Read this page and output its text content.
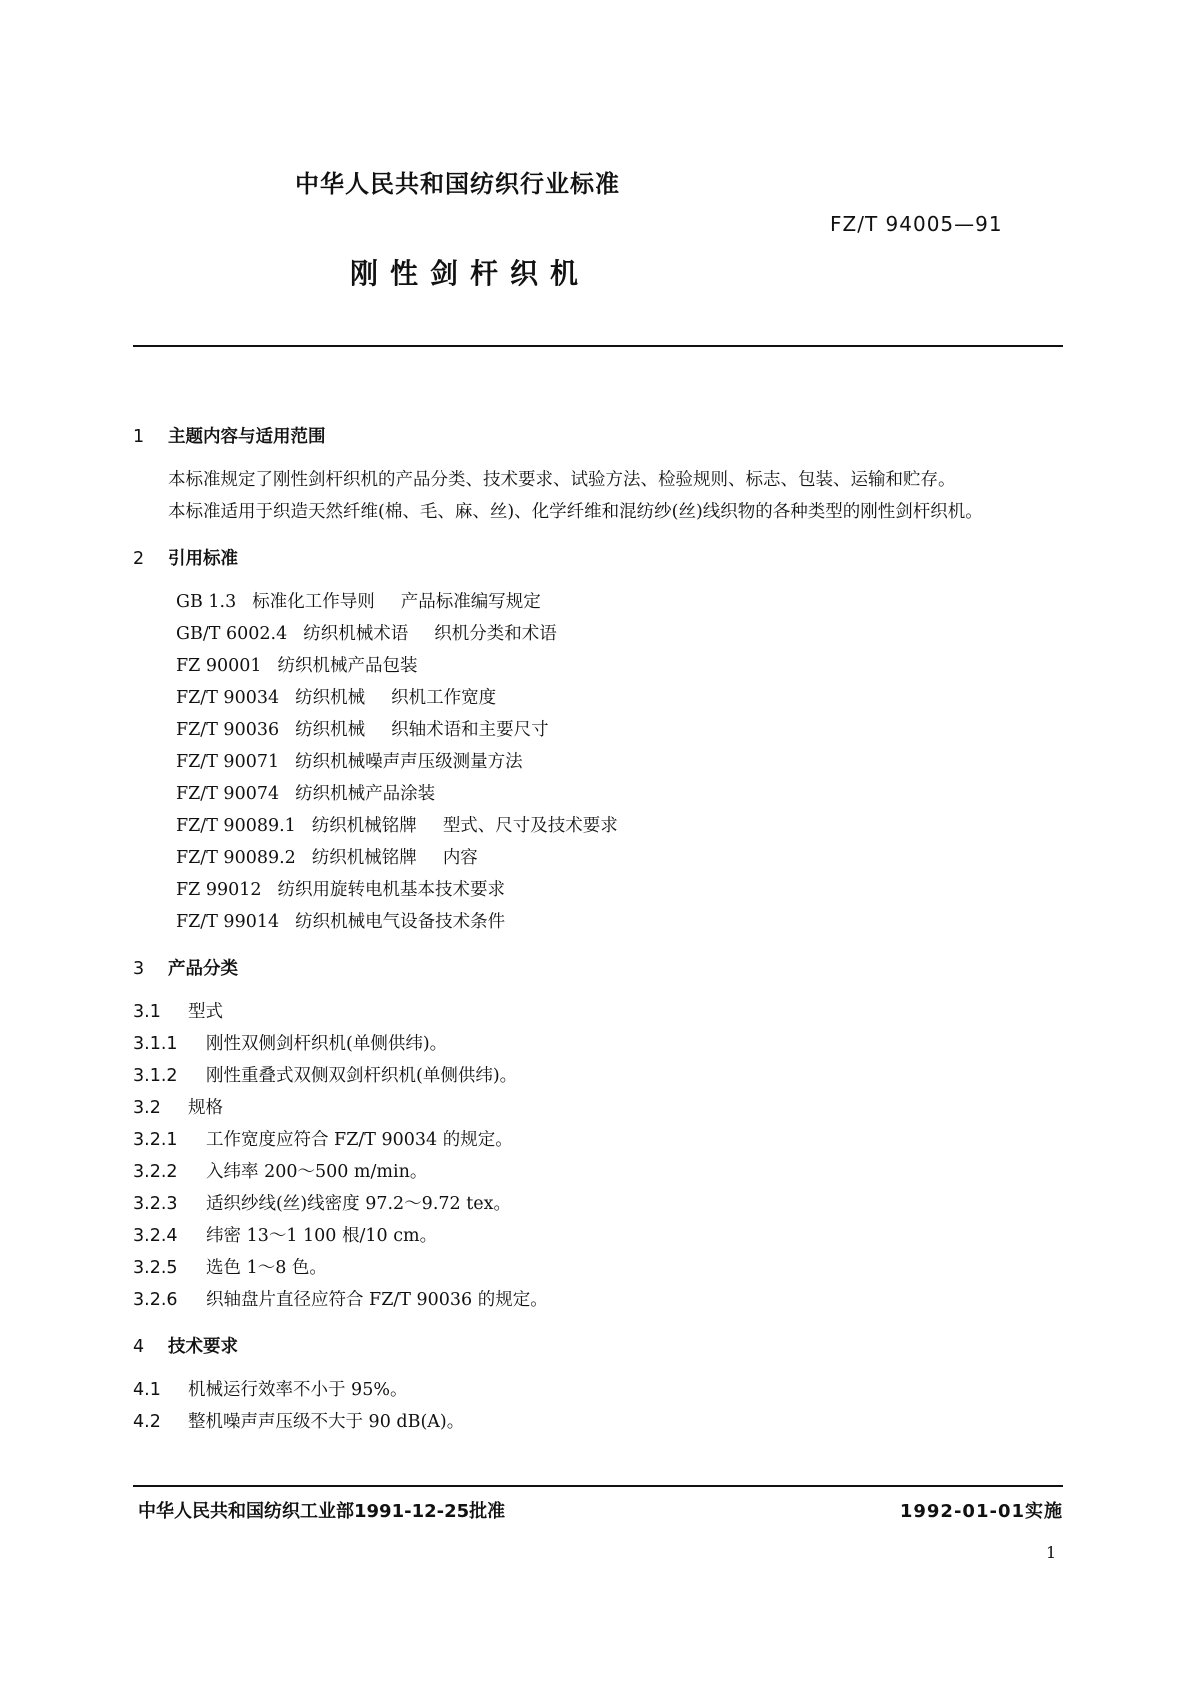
中华人民共和国纺织行业标准
FZ/T 94005—91
刚性剑杆织机
1 主题内容与适用范围
本标准规定了刚性剑杆织机的产品分类、技术要求、试验方法、检验规则、标志、包装、运输和贮存。
本标准适用于织造天然纤维(棉、毛、麻、丝)、化学纤维和混纺纱(丝)线织物的各种类型的刚性剑杆织机。
2 引用标准
GB 1.3 标准化工作导则 产品标准编写规定
GB/T 6002.4 纺织机械术语 织机分类和术语
FZ 90001 纺织机械产品包装
FZ/T 90034 纺织机械 织机工作宽度
FZ/T 90036 纺织机械 织轴术语和主要尺寸
FZ/T 90071 纺织机械噪声声压级测量方法
FZ/T 90074 纺织机械产品涂装
FZ/T 90089.1 纺织机械铭牌 型式、尺寸及技术要求
FZ/T 90089.2 纺织机械铭牌 内容
FZ 99012 纺织用旋转电机基本技术要求
FZ/T 99014 纺织机械电气设备技术条件
3 产品分类
3.1 型式
3.1.1 刚性双侧剑杆织机(单侧供纬)。
3.1.2 刚性重叠式双侧双剑杆织机(单侧供纬)。
3.2 规格
3.2.1 工作宽度应符合 FZ/T 90034 的规定。
3.2.2 入纬率 200～500 m/min。
3.2.3 适织纱线(丝)线密度 97.2～9.72 tex。
3.2.4 纬密 13～1 100 根/10 cm。
3.2.5 选色 1～8 色。
3.2.6 织轴盘片直径应符合 FZ/T 90036 的规定。
4 技术要求
4.1 机械运行效率不小于 95%。
4.2 整机噪声声压级不大于 90 dB(A)。
中华人民共和国纺织工业部1991-12-25批准	1992-01-01实施
1
